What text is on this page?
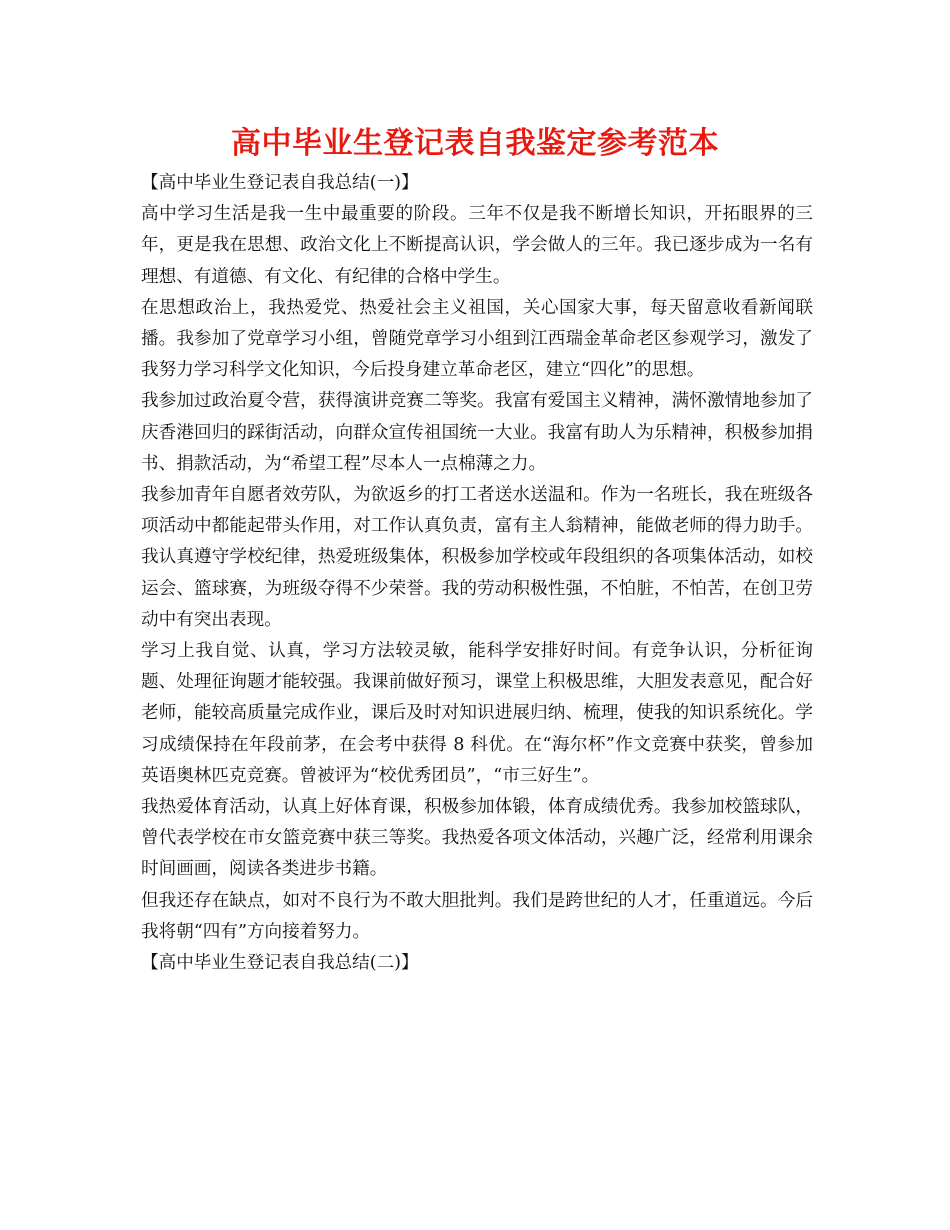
高中毕业生登记表自我鉴定参考范本

【高中毕业生登记表自我总结(一)】

高中学习生活是我一生中最重要的阶段。三年不仅是我不断增长知识，开拓眼界的三年，更是我在思想、政治文化上不断提高认识，学会做人的三年。我已逐步成为一名有理想、有道德、有文化、有纪律的合格中学生。

在思想政治上，我热爱党、热爱社会主义祖国，关心国家大事，每天留意收看新闻联播。我参加了党章学习小组，曾随党章学习小组到江西瑞金革命老区参观学习，激发了我努力学习科学文化知识，今后投身建立革命老区，建立“四化”的思想。

我参加过政治夏令营，获得演讲竞赛二等奖。我富有爱国主义精神，满怀激情地参加了庆香港回归的踩街活动，向群众宣传祖国统一大业。我富有助人为乐精神，积极参加捐书、捐款活动，为“希望工程”尽本人一点棉薄之力。

我参加青年自愿者效劳队，为欲返乡的打工者送水送温和。作为一名班长，我在班级各项活动中都能起带头作用，对工作认真负责，富有主人翁精神，能做老师的得力助手。我认真遵守学校纪律，热爱班级集体，积极参加学校或年段组织的各项集体活动，如校运会、篮球赛，为班级夺得不少荣誉。我的劳动积极性强，不怕脏，不怕苦，在创卫劳动中有突出表现。

学习上我自觉、认真，学习方法较灵敏，能科学安排好时间。有竞争认识，分析征询题、处理征询题才能较强。我课前做好预习，课堂上积极思维，大胆发表意见，配合好老师，能较高质量完成作业，课后及时对知识进展归纳、梳理，使我的知识系统化。学习成绩保持在年段前茅，在会考中获得 8 科优。在“海尔杯”作文竞赛中获奖，曾参加英语奥林匹克竞赛。曾被评为“校优秀团员”，“市三好生”。

我热爱体育活动，认真上好体育课，积极参加体锻，体育成绩优秀。我参加校篮球队，曾代表学校在市女篮竞赛中获三等奖。我热爱各项文体活动，兴趣广泛，经常利用课余时间画画，阅读各类进步书籍。

但我还存在缺点，如对不良行为不敢大胆批判。我们是跨世纪的人才，任重道远。今后我将朝“四有”方向接着努力。

【高中毕业生登记表自我总结(二)】
